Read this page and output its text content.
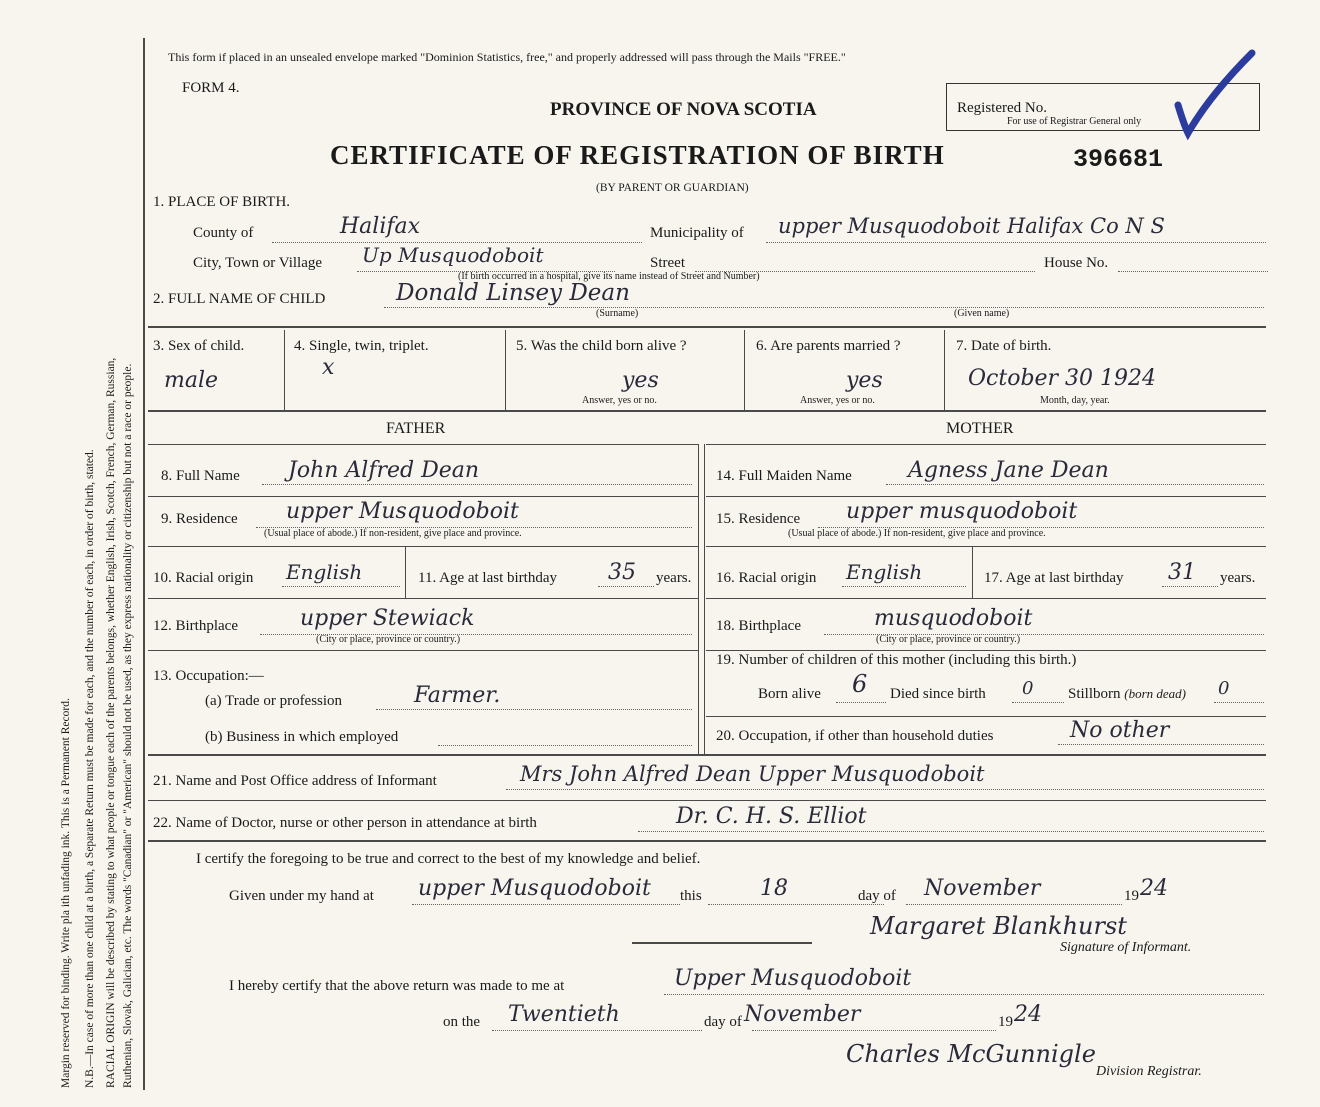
Margin reserved for binding. Write pla ith unfading ink. This is a Permanent Record. N.B.—In case of more than one child at a birth, a Separate Return must be made for each, and the number of each, in order of birth, stated. RACIAL ORIGIN will be described by stating to what people or tongue each of the parents belongs, whether English, Irish, Scotch, French, German, Russian, Ruthenian, Slovak, Galician, etc. The words "Canadian" or "American" should not be used, as they express nationality or citizenship but not a race or people.
This form if placed in an unsealed envelope marked "Dominion Statistics, free," and properly addressed will pass through the Mails "FREE."
FORM 4.
PROVINCE OF NOVA SCOTIA	Registered No.
For use of Registrar General only
CERTIFICATE OF REGISTRATION OF BIRTH	396681
(BY PARENT OR GUARDIAN)
1. PLACE OF BIRTH.
County of	Halifax	Municipality of upper Musquodoboit Halifax Co N S
City, Town or Village Up Musquodoboit	Street	House No.
(If birth occurred in a hospital, give its name instead of Street and Number)
2. FULL NAME OF CHILD	Donald Linsey Dean
(Surname)	(Given name)
3. Sex of child.
male
4. Single, twin, triplet.
x
5. Was the child born alive ?
yes
Answer, yes or no.
6. Are parents married ?
yes
Answer, yes or no.
7. Date of birth.
October 30 1924
Month, day, year.
FATHER	MOTHER
8. Full Name John Alfred Dean
9. Residence upper Musquodoboit
(Usual place of abode.) If non-resident, give place and province.
10. Racial origin English	11. Age at last birthday 35 years.
12. Birthplace	upper Stewiack
(City or place, province or country.)
13. Occupation:—
(a) Trade or profession	Farmer.
(b) Business in which employed
14. Full Maiden Name	Agness Jane Dean
15. Residence upper musquodoboit
(Usual place of abode.) If non-resident, give place and province.
16. Racial origin English	17. Age at last birthday 31 years.
18. Birthplace	musquodoboit
(City or place, province or country.)
19. Number of children of this mother (including this birth.)
Born alive 6 Died since birth 0 Stillborn (born dead) 0
20. Occupation, if other than household duties	No other
21. Name and Post Office address of Informant	Mrs John Alfred Dean Upper Musquodoboit
22. Name of Doctor, nurse or other person in attendance at birth	Dr. C. H. S. Elliot
I certify the foregoing to be true and correct to the best of my knowledge and belief.
Given under my hand at upper Musquodoboit this	18	day of November	19 24
Margaret Blankhurst
Signature of Informant.
I hereby certify that the above return was made to me at	Upper Musquodoboit
on the Twentieth	day of November	19 24
Charles McGunnigle
Division Registrar.
